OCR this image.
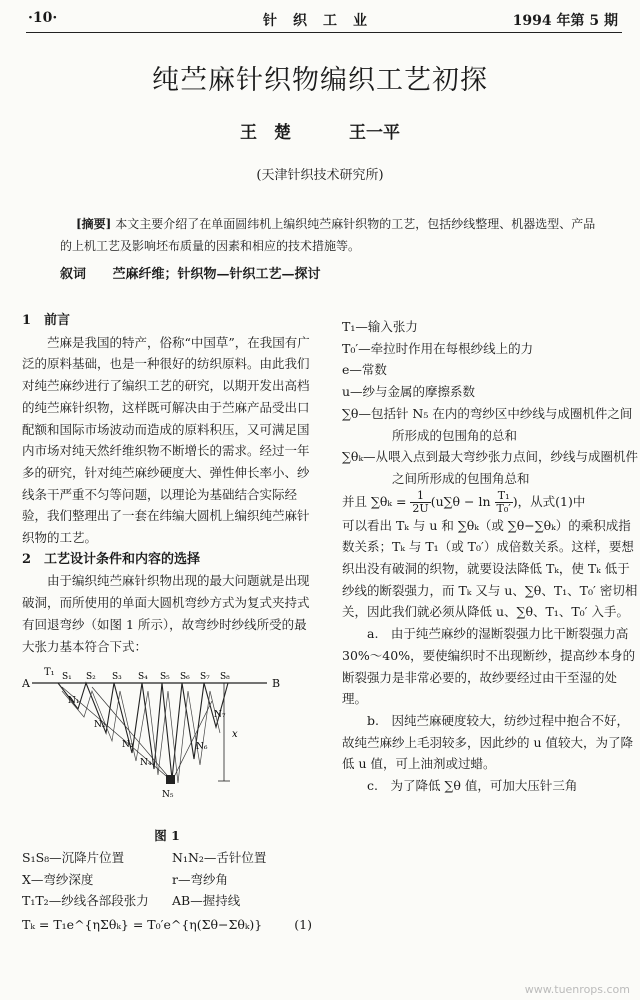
·10·	针织工业	1994 年第 5 期
纯苎麻针织物编织工艺初探
王　楚	王一平
(天津针织技术研究所)
[摘要] 本文主要介绍了在单面圆纬机上编织纯苎麻针织物的工艺，包括纱线整理、机器选型、产品的上机工艺及影响坯布质量的因素和相应的技术措施等。
叙词 苎麻纤维；针织物—针织工艺—探讨

1　前言

苎麻是我国的特产，俗称“中国草”，在我国有广泛的原料基础，也是一种很好的纺织原料。由此我们对纯苎麻纱进行了编织工艺的研究，以期开发出高档的纯苎麻针织物，这样既可解决由于苎麻产品受出口配额和国际市场波动而造成的原料积压，又可满足国内市场对纯天然纤维织物不断增长的需求。经过一年多的研究，针对纯苎麻纱硬度大、弹性伸长率小、纱线条干严重不匀等问题，以理论为基础结合实际经验，我们整理出了一套在纬编大圆机上编织纯苎麻针织物的工艺。

2　工艺设计条件和内容的选择

由于编织纯苎麻针织物出现的最大问题就是出现破洞，而所使用的单面大圆机弯纱方式为复式夹持式有回退弯纱（如图 1 所示），故弯纱时纱线所受的最大张力基本符合下式：

A	B
T₁ S₁ S₂ S₃ S₄ S₅ S₆ S₇ S₈
N₁
N₂
N₃
N₄
N₅
N₆
N₇
x
图 1
S₁S₈—沉降片位置	N₁N₂—舌针位置
X—弯纱深度	r—弯纱角
T₁T₂—纱线各部段张力	AB—握持线
Tₖ = T₁e^{ηΣθₖ} = T₀′e^{η(Σθ−Σθₖ)}	(1)

T₁—输入张力

T₀′—牵拉时作用在每根纱线上的力

e—常数

u—纱与金属的摩擦系数

∑θ—包括针 N₅ 在内的弯纱区中纱线与成圈机件之间所形成的包围角的总和

∑θₖ—从喂入点到最大弯纱张力点间，纱线与成圈机件之间所形成的包围角总和

并且 $\sum\theta_k = \frac{1}{2U} (u\sum\theta - \ln \frac{\text{T₁}}{\text{T₀′}}$ )，从式(1)中

可以看出 Tₖ 与 u 和 ∑θₖ（或 ∑θ−∑θₖ）的乘积成指数关系；Tₖ 与 T₁（或 T₀′）成倍数关系。这样，要想织出没有破洞的织物，就要设法降低 Tₖ，使 Tₖ 低于纱线的断裂强力，而 Tₖ 又与 u、∑θ、T₁、T₀′ 密切相关，因此我们就必须从降低 u、∑θ、T₁、T₀′ 入手。

a.　由于纯苎麻纱的湿断裂强力比干断裂强力高 30%～40%，要使编织时不出现断纱，提高纱本身的断裂强力是非常必要的，故纱要经过由干至湿的处理。

b.　因纯苎麻硬度较大，纺纱过程中抱合不好，故纯苎麻纱上毛羽较多，因此纱的 u 值较大，为了降低 u 值，可上油剂或过蜡。

c.　为了降低 ∑θ 值，可加大压针三角

www.tuenrops.com
